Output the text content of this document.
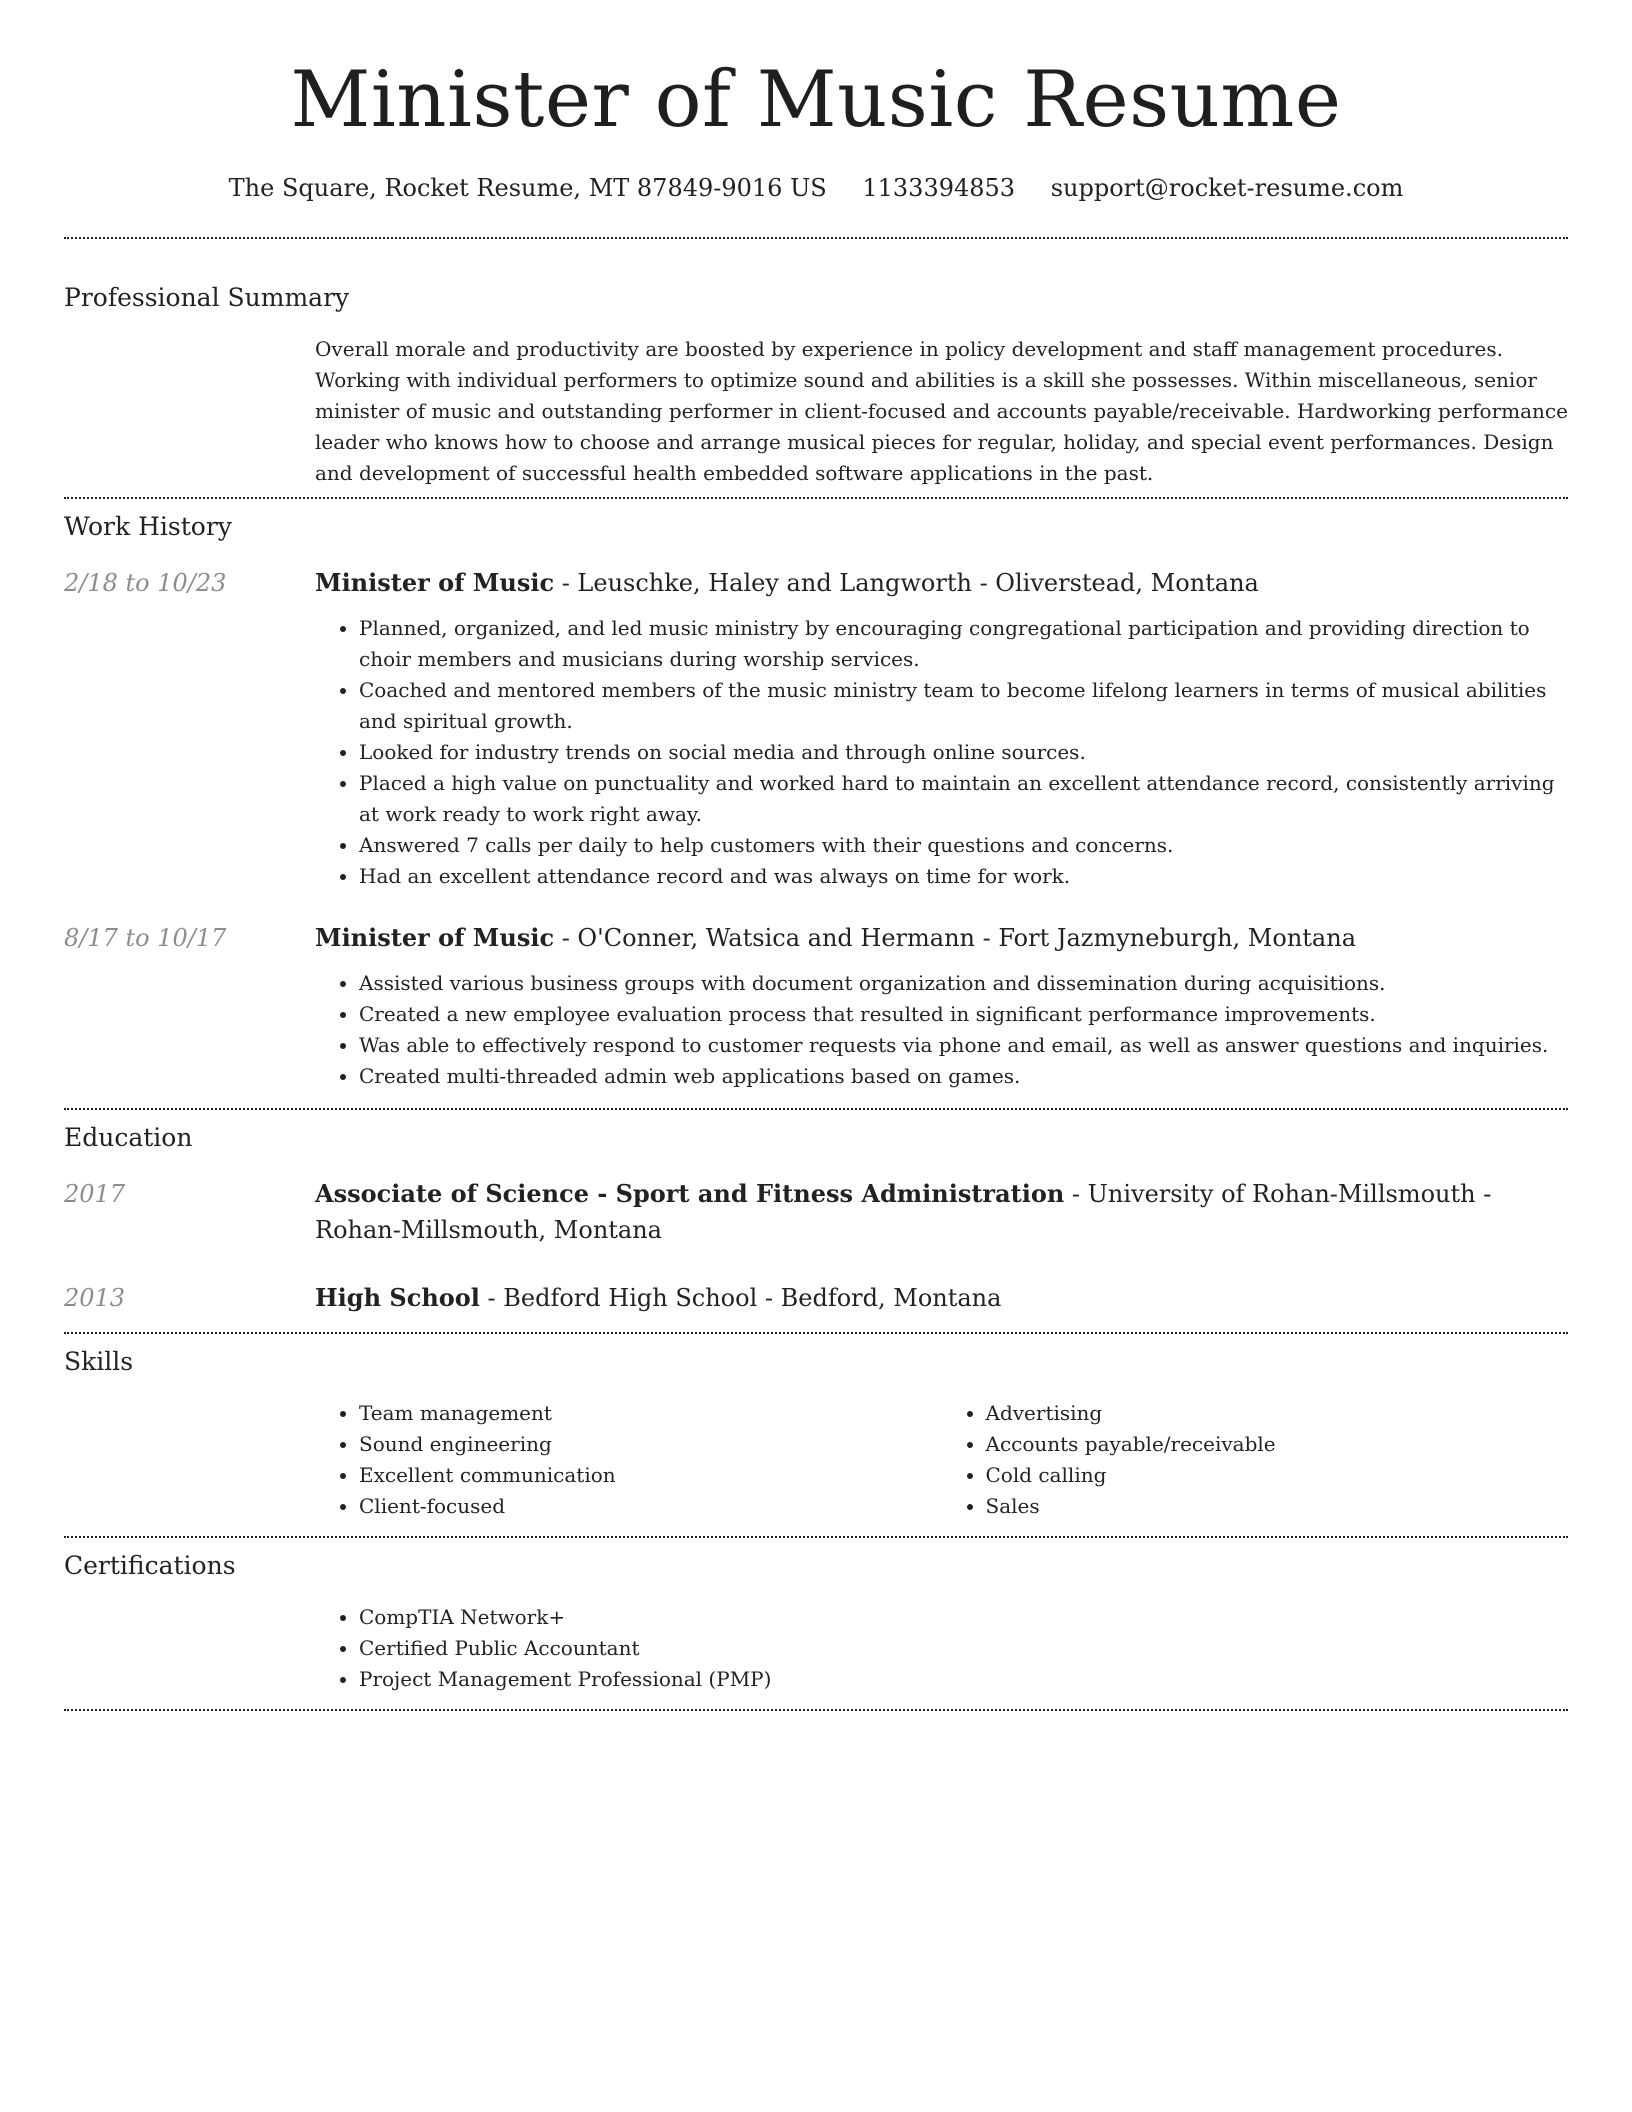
Minister of Music Resume
The Square, Rocket Resume, MT 87849-9016 US 1133394853 support@rocket-resume.com
Professional Summary

Overall morale and productivity are boosted by experience in policy development and staff management procedures. Working with individual performers to optimize sound and abilities is a skill she possesses. Within miscellaneous, senior minister of music and outstanding performer in client-focused and accounts payable/receivable. Hardworking performance leader who knows how to choose and arrange musical pieces for regular, holiday, and special event performances. Design and development of successful health embedded software applications in the past.

Work History
2/18 to 10/23	Minister of Music - Leuschke, Haley and Langworth - Oliverstead, Montana

• Planned, organized, and led music ministry by encouraging congregational participation and providing direction to choir members and musicians during worship services.
• Coached and mentored members of the music ministry team to become lifelong learners in terms of musical abilities and spiritual growth.
• Looked for industry trends on social media and through online sources.
• Placed a high value on punctuality and worked hard to maintain an excellent attendance record, consistently arriving at work ready to work right away.
• Answered 7 calls per daily to help customers with their questions and concerns.
• Had an excellent attendance record and was always on time for work.
8/17 to 10/17	Minister of Music - O'Conner, Watsica and Hermann - Fort Jazmyneburgh, Montana

• Assisted various business groups with document organization and dissemination during acquisitions.
• Created a new employee evaluation process that resulted in significant performance improvements.
• Was able to effectively respond to customer requests via phone and email, as well as answer questions and inquiries.
• Created multi-threaded admin web applications based on games.
Education
2017	Associate of Science - Sport and Fitness Administration - University of Rohan-Millsmouth - Rohan-Millsmouth, Montana

2013	High School - Bedford High School - Bedford, Montana

Skills
• Team management
• Sound engineering
• Excellent communication
• Client-focused
• Advertising
• Accounts payable/receivable
• Cold calling
• Sales
Certifications
• CompTIA Network+
• Certified Public Accountant
• Project Management Professional (PMP)
